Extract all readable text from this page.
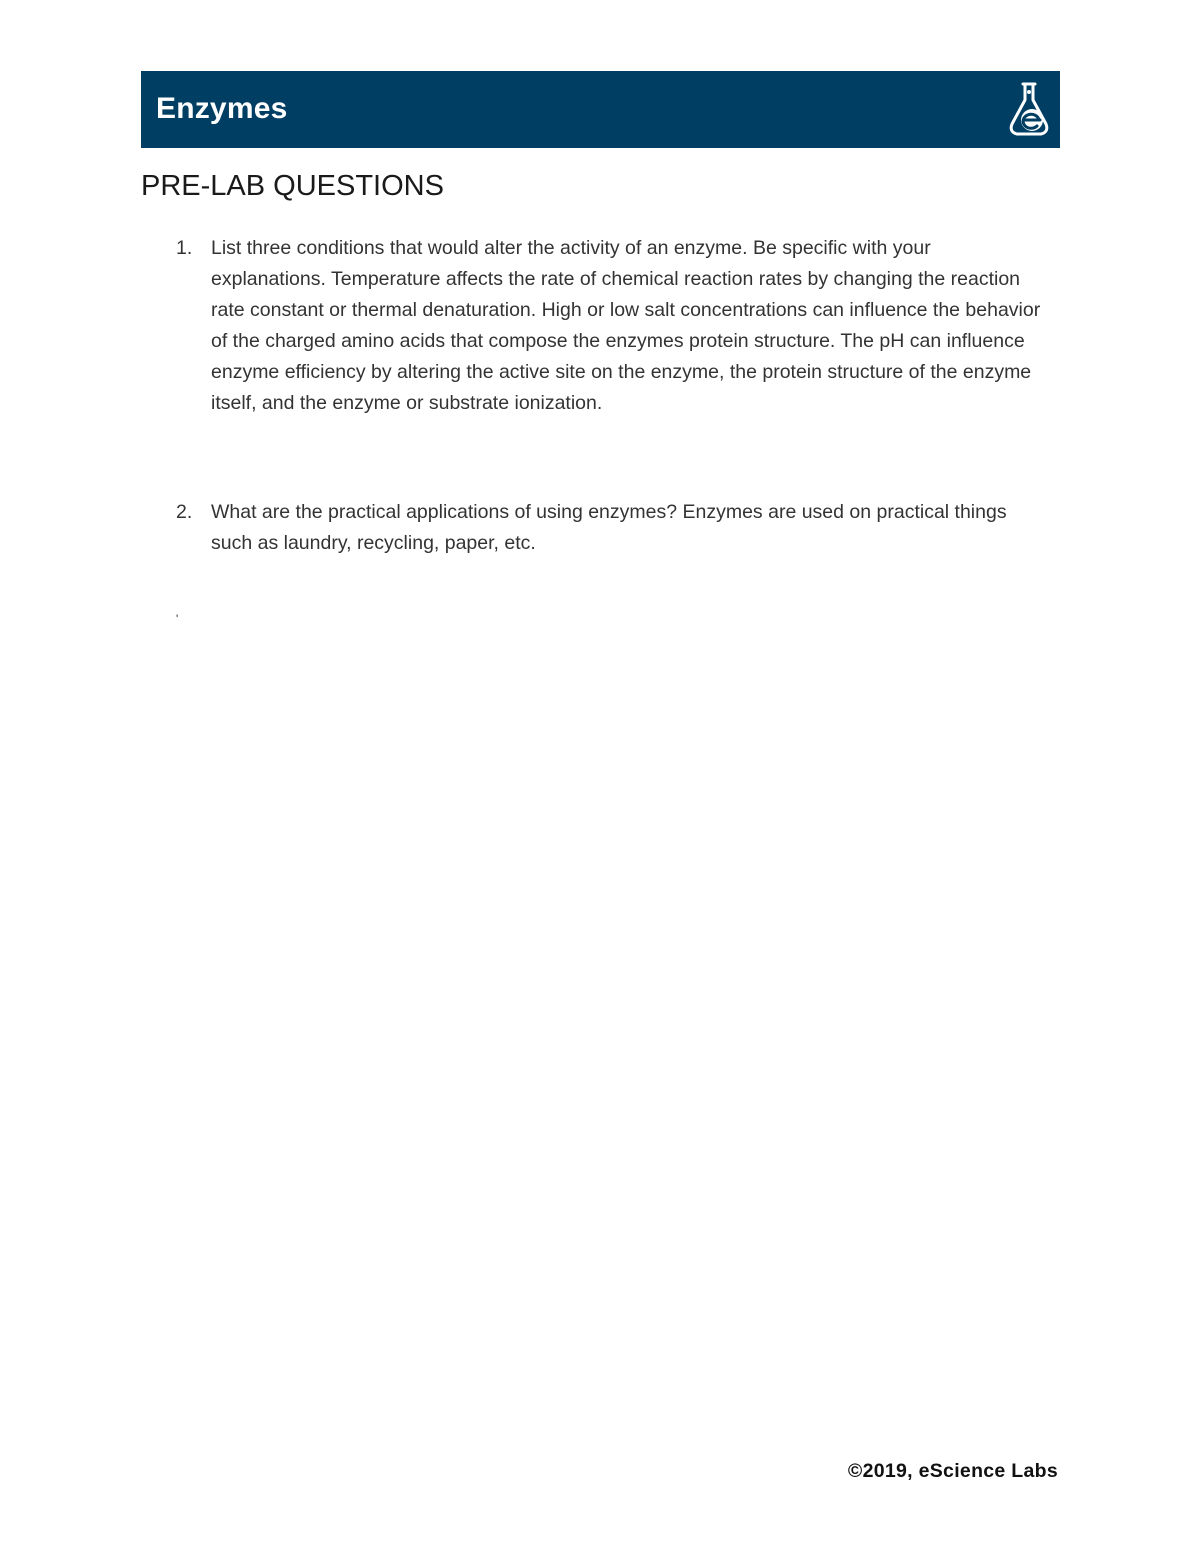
Enzymes
PRE-LAB QUESTIONS
1. List three conditions that would alter the activity of an enzyme. Be specific with your explanations. Temperature affects the rate of chemical reaction rates by changing the reaction rate constant or thermal denaturation. High or low salt concentrations can influence the behavior of the charged amino acids that compose the enzymes protein structure. The pH can influence enzyme efficiency by altering the active site on the enzyme, the protein structure of the enzyme itself, and the enzyme or substrate ionization.
2. What are the practical applications of using enzymes? Enzymes are used on practical things such as laundry, recycling, paper, etc.
'
©2019, eScience Labs
